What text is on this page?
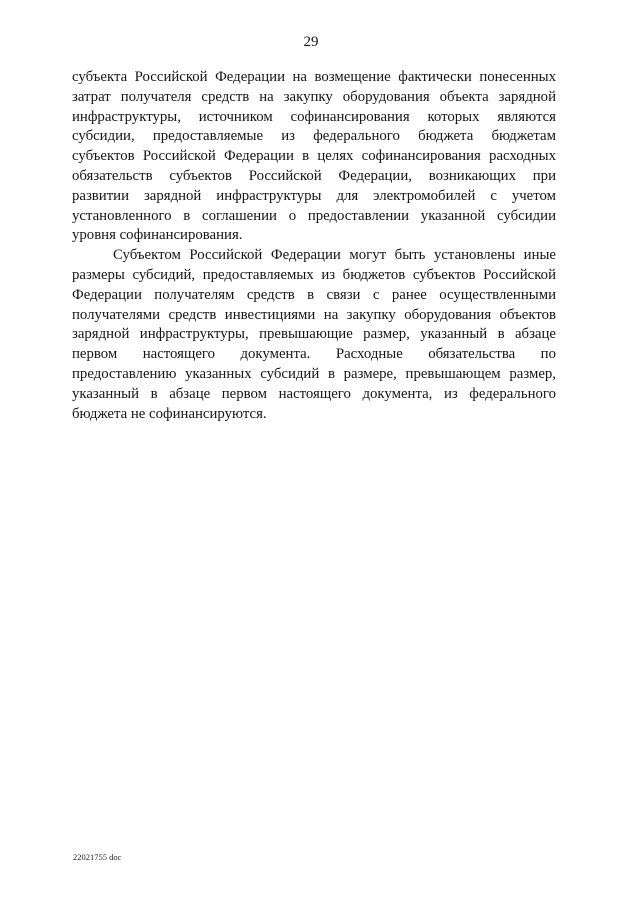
29
субъекта Российской Федерации на возмещение фактически понесенных
затрат получателя средств на закупку оборудования объекта зарядной
инфраструктуры, источником софинансирования которых являются
субсидии, предоставляемые из федерального бюджета бюджетам
субъектов Российской Федерации в целях софинансирования расходных
обязательств субъектов Российской Федерации, возникающих при
развитии зарядной инфраструктуры для электромобилей с учетом
установленного в соглашении о предоставлении указанной субсидии
уровня софинансирования.
Субъектом Российской Федерации могут быть установлены иные
размеры субсидий, предоставляемых из бюджетов субъектов Российской
Федерации получателям средств в связи с ранее осуществленными
получателями средств инвестициями на закупку оборудования объектов
зарядной инфраструктуры, превышающие размер, указанный в абзаце
первом настоящего документа. Расходные обязательства по
предоставлению указанных субсидий в размере, превышающем размер,
указанный в абзаце первом настоящего документа, из федерального
бюджета не софинансируются.
22021755 doc
